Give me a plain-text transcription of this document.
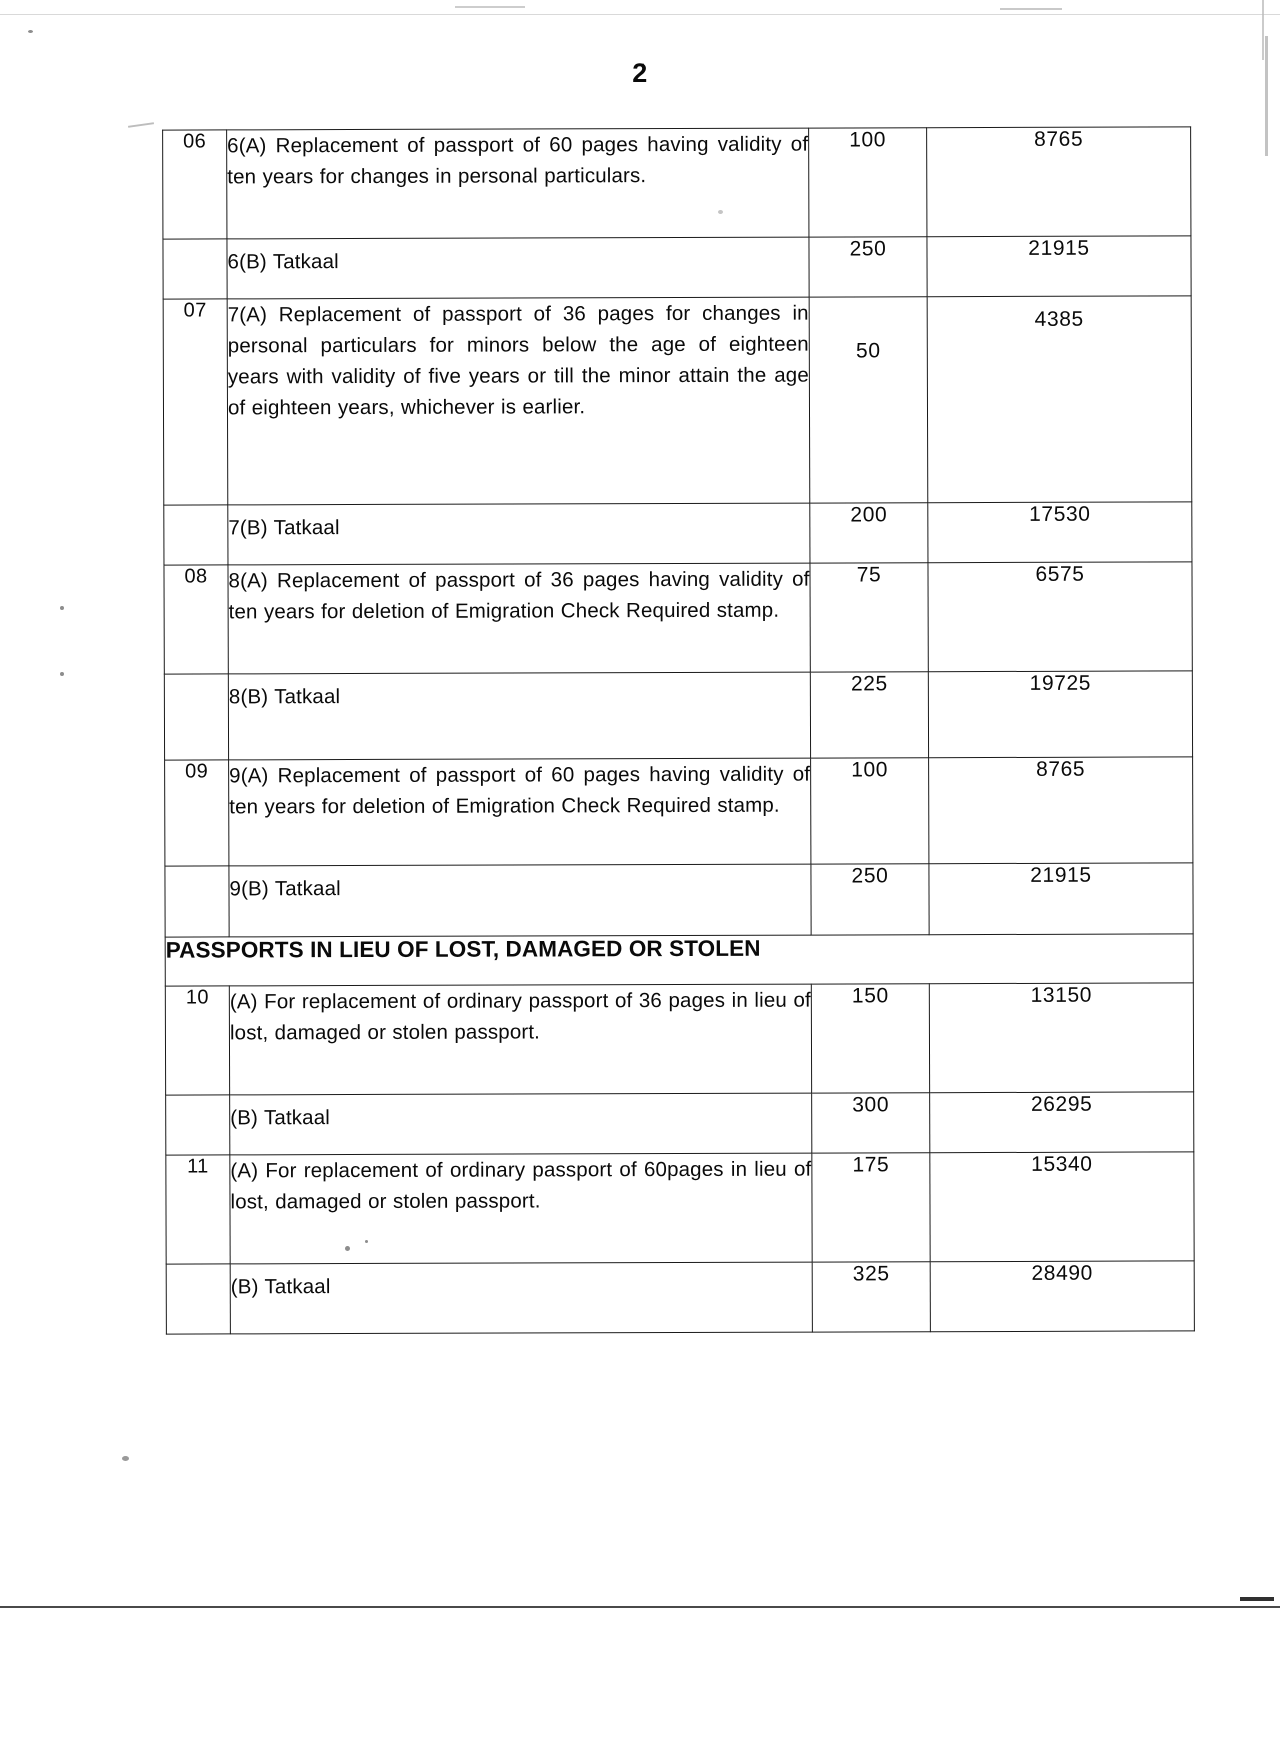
2
06	6(A) Replacement of passport of 60 pages having validity of ten years for changes in personal particulars.	100	8765
	6(B) Tatkaal	250	21915
07	7(A) Replacement of passport of 36 pages for changes in personal particulars for minors below the age of eighteen years with validity of five years or till the minor attain the age of eighteen years, whichever is earlier.	50	4385
	7(B) Tatkaal	200	17530
08	8(A) Replacement of passport of 36 pages having validity of ten years for deletion of Emigration Check Required stamp.	75	6575
	8(B) Tatkaal	225	19725
09	9(A) Replacement of passport of 60 pages having validity of ten years for deletion of Emigration Check Required stamp.	100	8765
	9(B) Tatkaal	250	21915
PASSPORTS IN LIEU OF LOST, DAMAGED OR STOLEN			
10	(A) For replacement of ordinary passport of 36 pages in lieu of lost, damaged or stolen passport.	150	13150
	(B) Tatkaal	300	26295
11	(A) For replacement of ordinary passport of 60pages in lieu of lost, damaged or stolen passport.	175	15340
	(B) Tatkaal	325	28490
